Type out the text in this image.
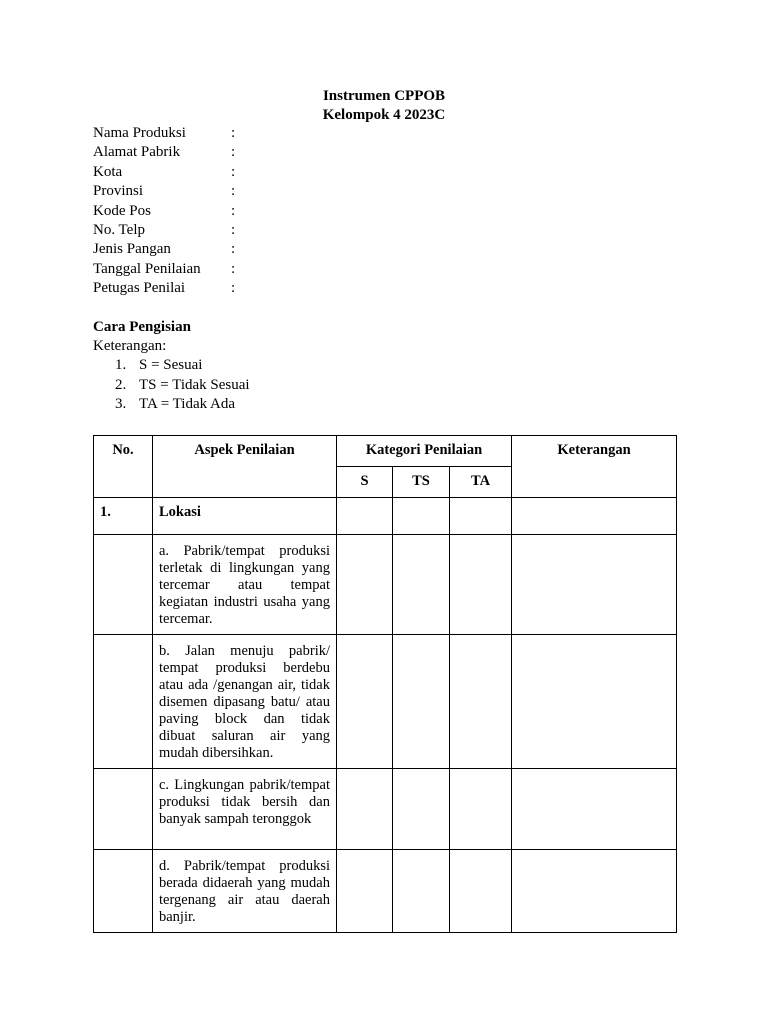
Instrumen CPPOB
Kelompok 4 2023C
Nama Produksi	:
Alamat Pabrik	:
Kota	:
Provinsi	:
Kode Pos	:
No. Telp	:
Jenis Pangan	:
Tanggal Penilaian :
Petugas Penilai	:
Cara Pengisian
Keterangan:
1. S = Sesuai
2. TS = Tidak Sesuai
3. TA = Tidak Ada
No.	Aspek Penilaian	Kategori Penilaian			Keterangan
		S	TS	TA	
1.	Lokasi				
	a. Pabrik/tempat produksi terletak di lingkungan yang tercemar atau tempat kegiatan industri usaha yang tercemar.				
	b. Jalan menuju pabrik/ tempat produksi berdebu atau ada /genangan air, tidak disemen dipasang batu/ atau paving block dan tidak dibuat saluran air yang mudah dibersihkan.				
	c. Lingkungan pabrik/tempat produksi tidak bersih dan banyak sampah teronggok				
	d. Pabrik/tempat produksi berada didaerah yang mudah tergenang air atau daerah banjir.				
